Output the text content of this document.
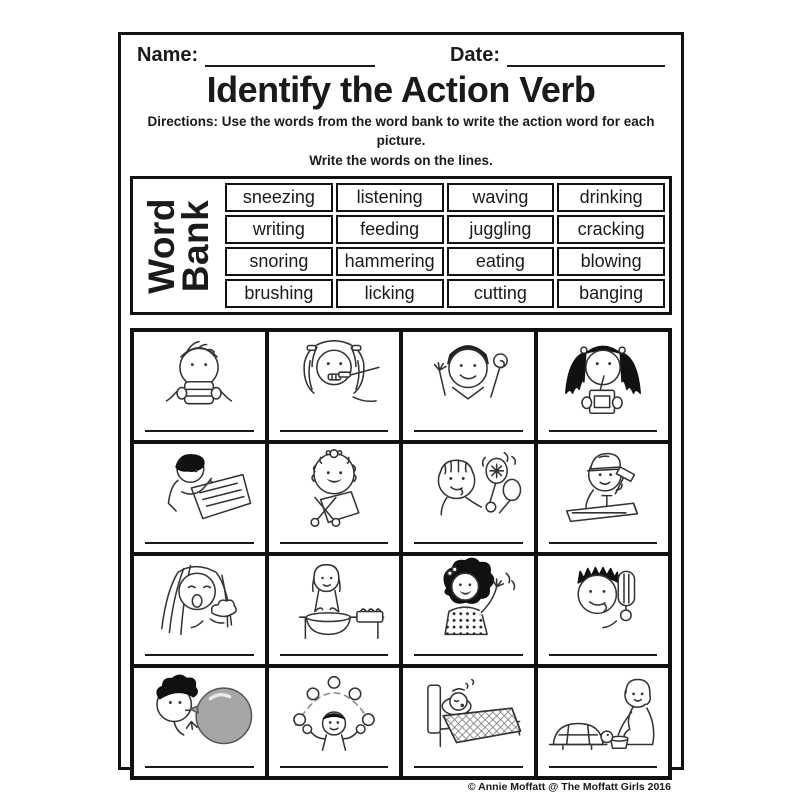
Name:	Date:
Identify the Action Verb
Directions: Use the words from the word bank to write the action word for each picture.
Write the words on the lines.
Word
Bank
sneezing	listening	waving	drinking
writing	feeding	juggling	cracking
snoring	hammering	eating	blowing
brushing	licking	cutting	banging
© Annie Moffatt @ The Moffatt Girls 2016
